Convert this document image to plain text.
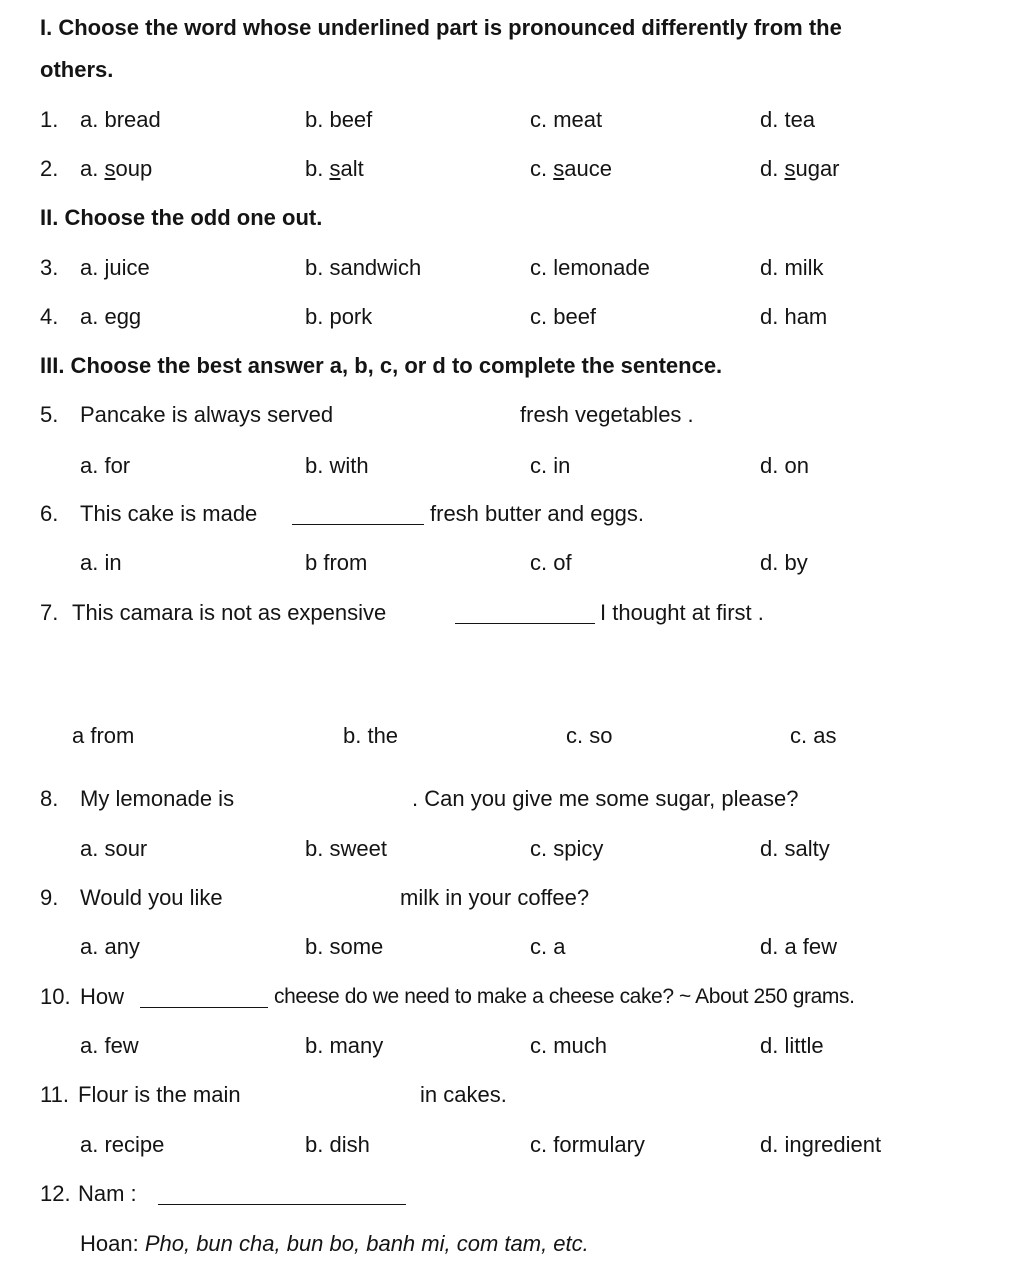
I. Choose the word whose underlined part is pronounced differently from the
others.
1. a. bread	b. beef	c. meat	d. tea
2. a. soup	b. salt	c. sauce	d. sugar
II. Choose the odd one out.
3. a. juice	b. sandwich	c. lemonade	d. milk
4. a. egg	b. pork	c. beef	d. ham
III. Choose the best answer a, b, c, or d to complete the sentence.
5. Pancake is always served	fresh vegetables .
a. for	b. with	c. in	d. on
6. This cake is made	fresh butter and eggs.
a. in	b from	c. of	d. by
7. This camara is not as expensive	I thought at first .
a from	b. the	c. so	c. as
8. My lemonade is	. Can you give me some sugar, please?
a. sour	b. sweet	c. spicy	d. salty
9. Would you like	milk in your coffee?
a. any	b. some	c. a	d. a few
10. How	cheese do we need to make a cheese cake? ~ About 250 grams.
a. few	b. many	c. much	d. little
11. Flour is the main	in cakes.
a. recipe	b. dish	c. formulary	d. ingredient
12. Nam :
Hoan: Pho, bun cha, bun bo, banh mi, com tam, etc.
